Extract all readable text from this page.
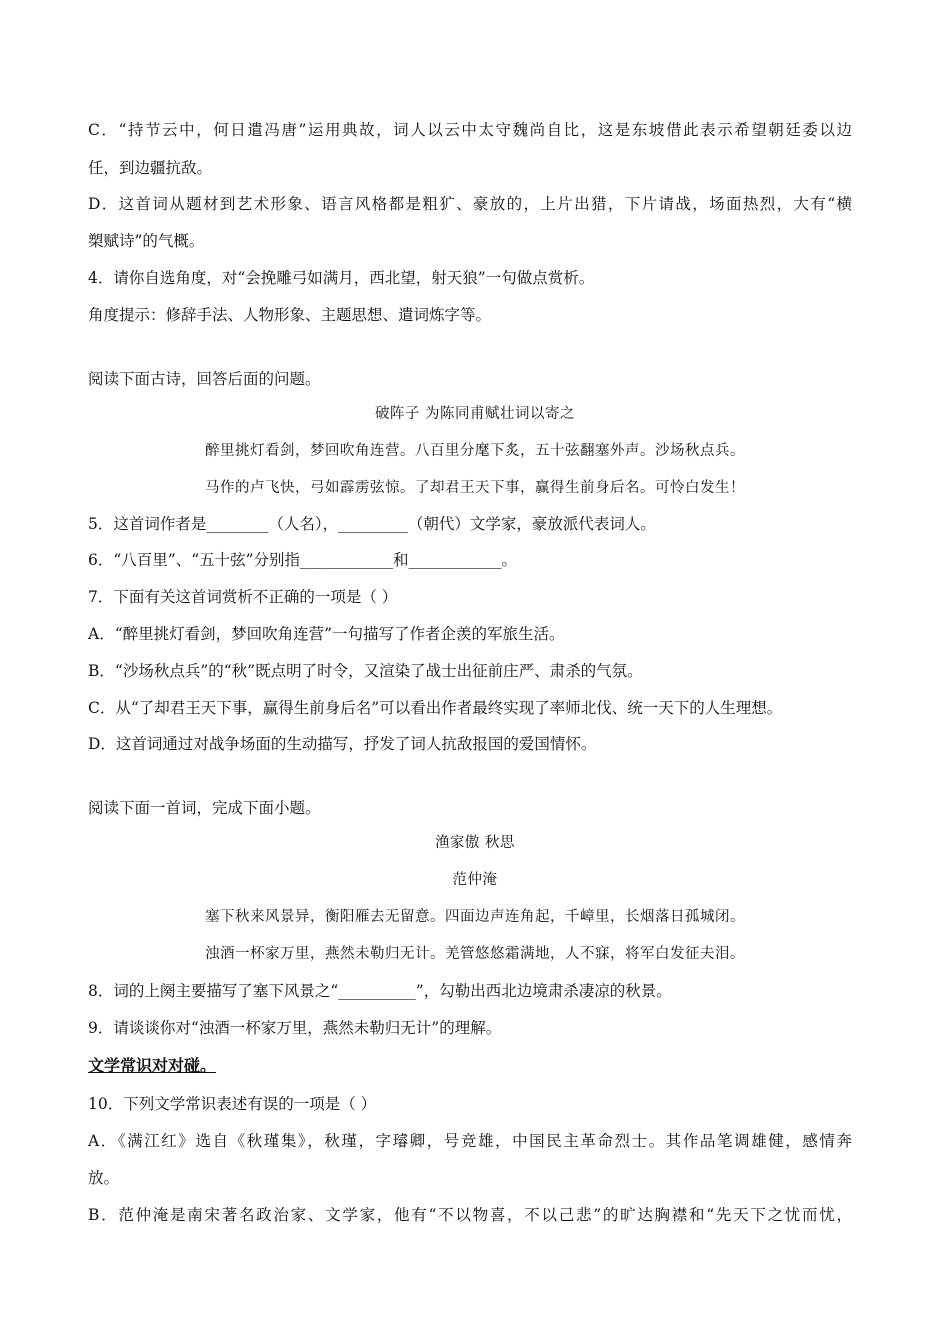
C．“持节云中，何日遣冯唐”运用典故，词人以云中太守魏尚自比，这是东坡借此表示希望朝廷委以边
任，到边疆抗敌。
D．这首词从题材到艺术形象、语言风格都是粗犷、豪放的，上片出猎，下片请战，场面热烈，大有“横
槊赋诗”的气概。
4．请你自选角度，对“会挽雕弓如满月，西北望，射天狼”一句做点赏析。
角度提示：修辞手法、人物形象、主题思想、遣词炼字等。
阅读下面古诗，回答后面的问题。
破阵子 为陈同甫赋壮词以寄之
醉里挑灯看剑，梦回吹角连营。八百里分麾下炙，五十弦翻塞外声。沙场秋点兵。
马作的卢飞快，弓如霹雳弦惊。了却君王天下事，赢得生前身后名。可怜白发生！
5．这首词作者是________（人名），_________（朝代）文学家，豪放派代表词人。
6．“八百里”、“五十弦”分别指____________和____________。
7．下面有关这首词赏析不正确的一项是（ ）
A．“醉里挑灯看剑，梦回吹角连营”一句描写了作者企羡的军旅生活。
B．“沙场秋点兵”的“秋”既点明了时令，又渲染了战士出征前庄严、肃杀的气氛。
C．从“了却君王天下事，赢得生前身后名”可以看出作者最终实现了率师北伐、统一天下的人生理想。
D．这首词通过对战争场面的生动描写，抒发了词人抗敌报国的爱国情怀。
阅读下面一首词，完成下面小题。
渔家傲 秋思
范仲淹
塞下秋来风景异，衡阳雁去无留意。四面边声连角起，千嶂里，长烟落日孤城闭。
浊酒一杯家万里，燕然未勒归无计。羌管悠悠霜满地，人不寐，将军白发征夫泪。
8．词的上阕主要描写了塞下风景之“__________”，勾勒出西北边境肃杀凄凉的秋景。
9．请谈谈你对“浊酒一杯家万里，燕然未勒归无计”的理解。
文学常识对对碰。
10．下列文学常识表述有误的一项是（ ）
A．《满江红》选自《秋瑾集》，秋瑾，字璿卿，号竞雄，中国民主革命烈士。其作品笔调雄健，感情奔
放。
B．范仲淹是南宋著名政治家、文学家，他有“不以物喜，不以己悲”的旷达胸襟和“先天下之忧而忧，
